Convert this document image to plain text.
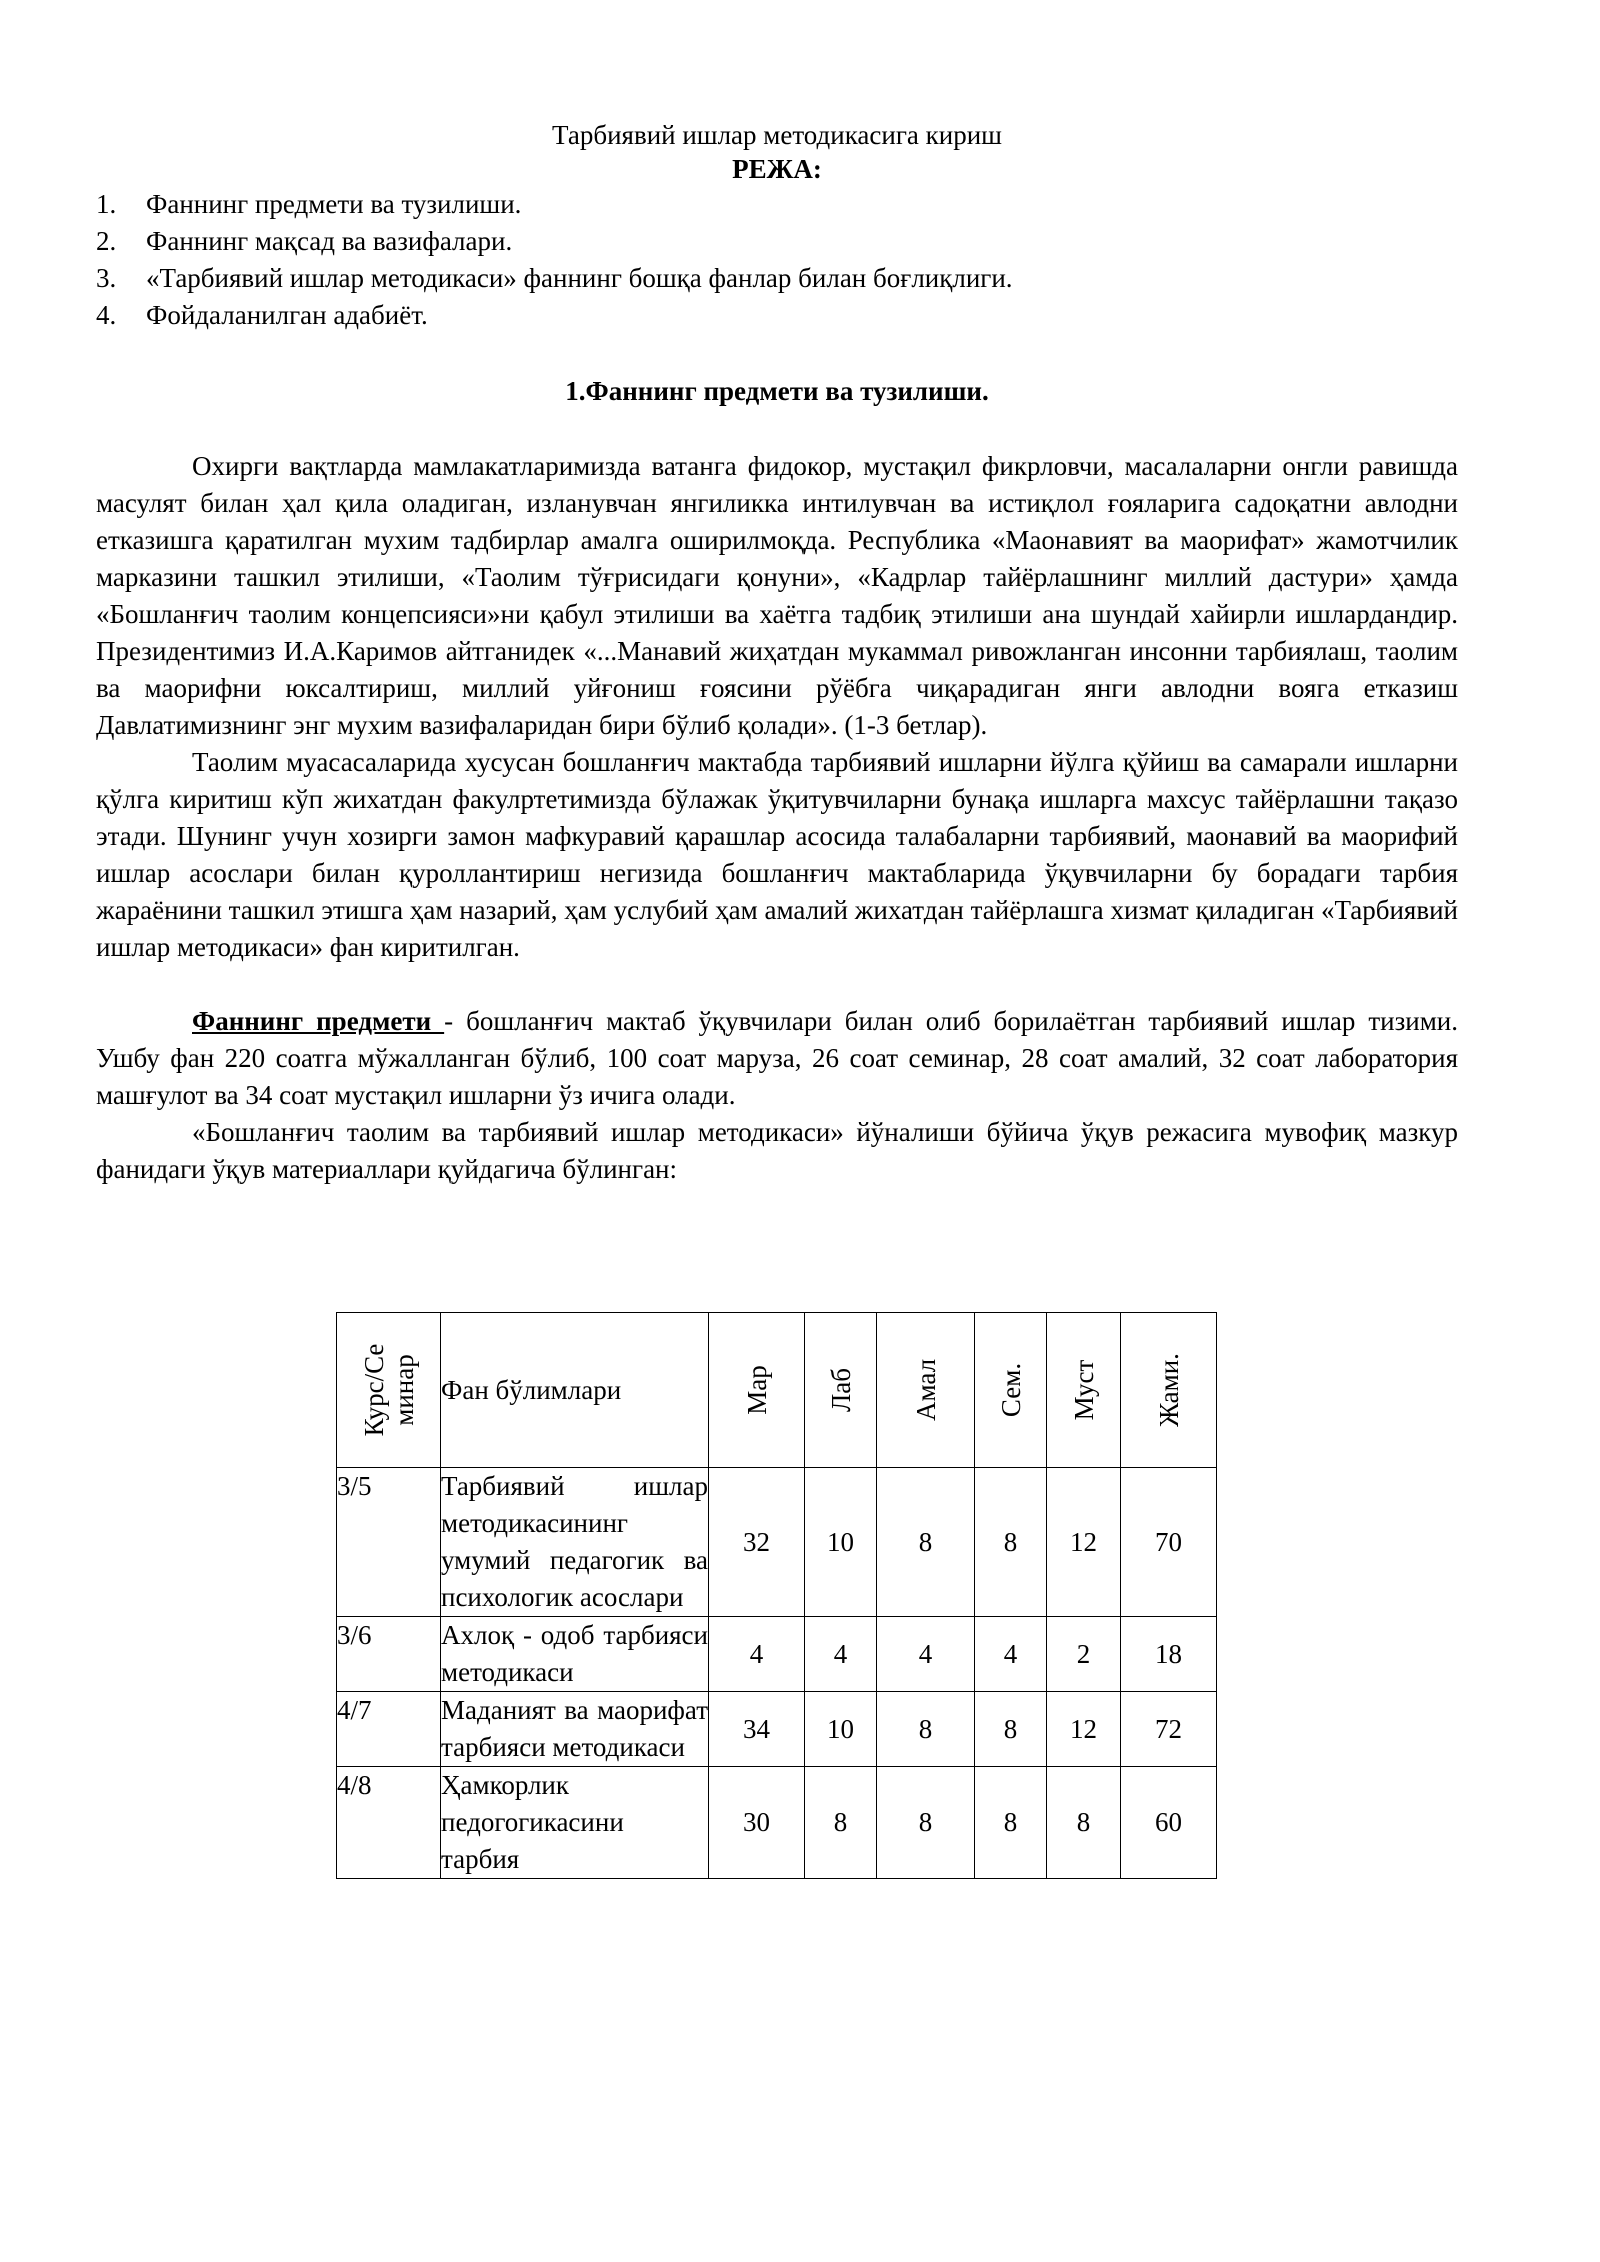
Тарбиявий ишлар методикасига кириш
РЕЖА:
1.	Фаннинг предмети ва тузилиши.
2.	Фаннинг мақсад ва вазифалари.
3.	«Тарбиявий ишлар методикаси» фаннинг бошқа фанлар билан боғлиқлиги.
4.	Фойдаланилган адабиёт.
1.Фаннинг предмети ва тузилиши.

Охирги вақтларда мамлакатларимизда ватанга фидокор, мустақил фикрловчи, масалаларни онгли равишда масулят билан ҳал қила оладиган, изланувчан янгиликка интилувчан ва истиқлол ғояларига садоқатни авлодни етказишга қаратилган мухим тадбирлар амалга оширилмоқда. Республика «Маонавият ва маорифат» жамотчилик марказини ташкил этилиши, «Таолим тўғрисидаги қонуни», «Кадрлар тайёрлашнинг миллий дастури» ҳамда «Бошланғич таолим концепсияси»ни қабул этилиши ва хаётга тадбиқ этилиши ана шундай хайирли ишлардандир. Президентимиз И.А.Каримов айтганидек «...Манавий жиҳатдан мукаммал ривожланган инсонни тарбиялаш, таолим ва маорифни юксалтириш, миллий уйғониш ғоясини рўёбга чиқарадиган янги авлодни вояга етказиш Давлатимизнинг энг мухим вазифаларидан бири бўлиб қолади». (1-3 бетлар).

Таолим муасасаларида хусусан бошланғич мактабда тарбиявий ишларни йўлга қўйиш ва самарали ишларни қўлга киритиш кўп жихатдан факулртетимизда бўлажак ўқитувчиларни бунақа ишларга махсус тайёрлашни тақазо этади. Шунинг учун хозирги замон мафкуравий қарашлар асосида талабаларни тарбиявий, маонавий ва маорифий ишлар асослари билан қуроллантириш негизида бошланғич мактабларида ўқувчиларни бу борадаги тарбия жараёнини ташкил этишга ҳам назарий, ҳам услубий ҳам амалий жихатдан тайёрлашга хизмат қиладиган «Тарбиявий ишлар методикаси» фан киритилган.

Фаннинг предмети - бошланғич мактаб ўқувчилари билан олиб борилаётган тарбиявий ишлар тизими. Ушбу фан 220 соатга мўжалланган бўлиб, 100 соат маруза, 26 соат семинар, 28 соат амалий, 32 соат лаборатория машғулот ва 34 соат мустақил ишларни ўз ичига олади.

«Бошланғич таолим ва тарбиявий ишлар методикаси» йўналиши бўйича ўқув режасига мувофиқ мазкур фанидаги ўқув материаллари қуйдагича бўлинган:

Курс/Се минар	Фан бўлимлари	Мар	Лаб	Амал	Сем.	Муст	Жами.

3/5	Тарбиявий ишлар методикасининг умумий педагогик ва психологик асослари	32	10	8	8	12	70
3/6	Ахлоқ - одоб тарбияси методикаси	4	4	4	4	2	18
4/7	Маданият ва маорифат тарбияси методикаси	34	10	8	8	12	72
4/8	Ҳамкорлик педогогикасини тарбия	30	8	8	8	8	60
